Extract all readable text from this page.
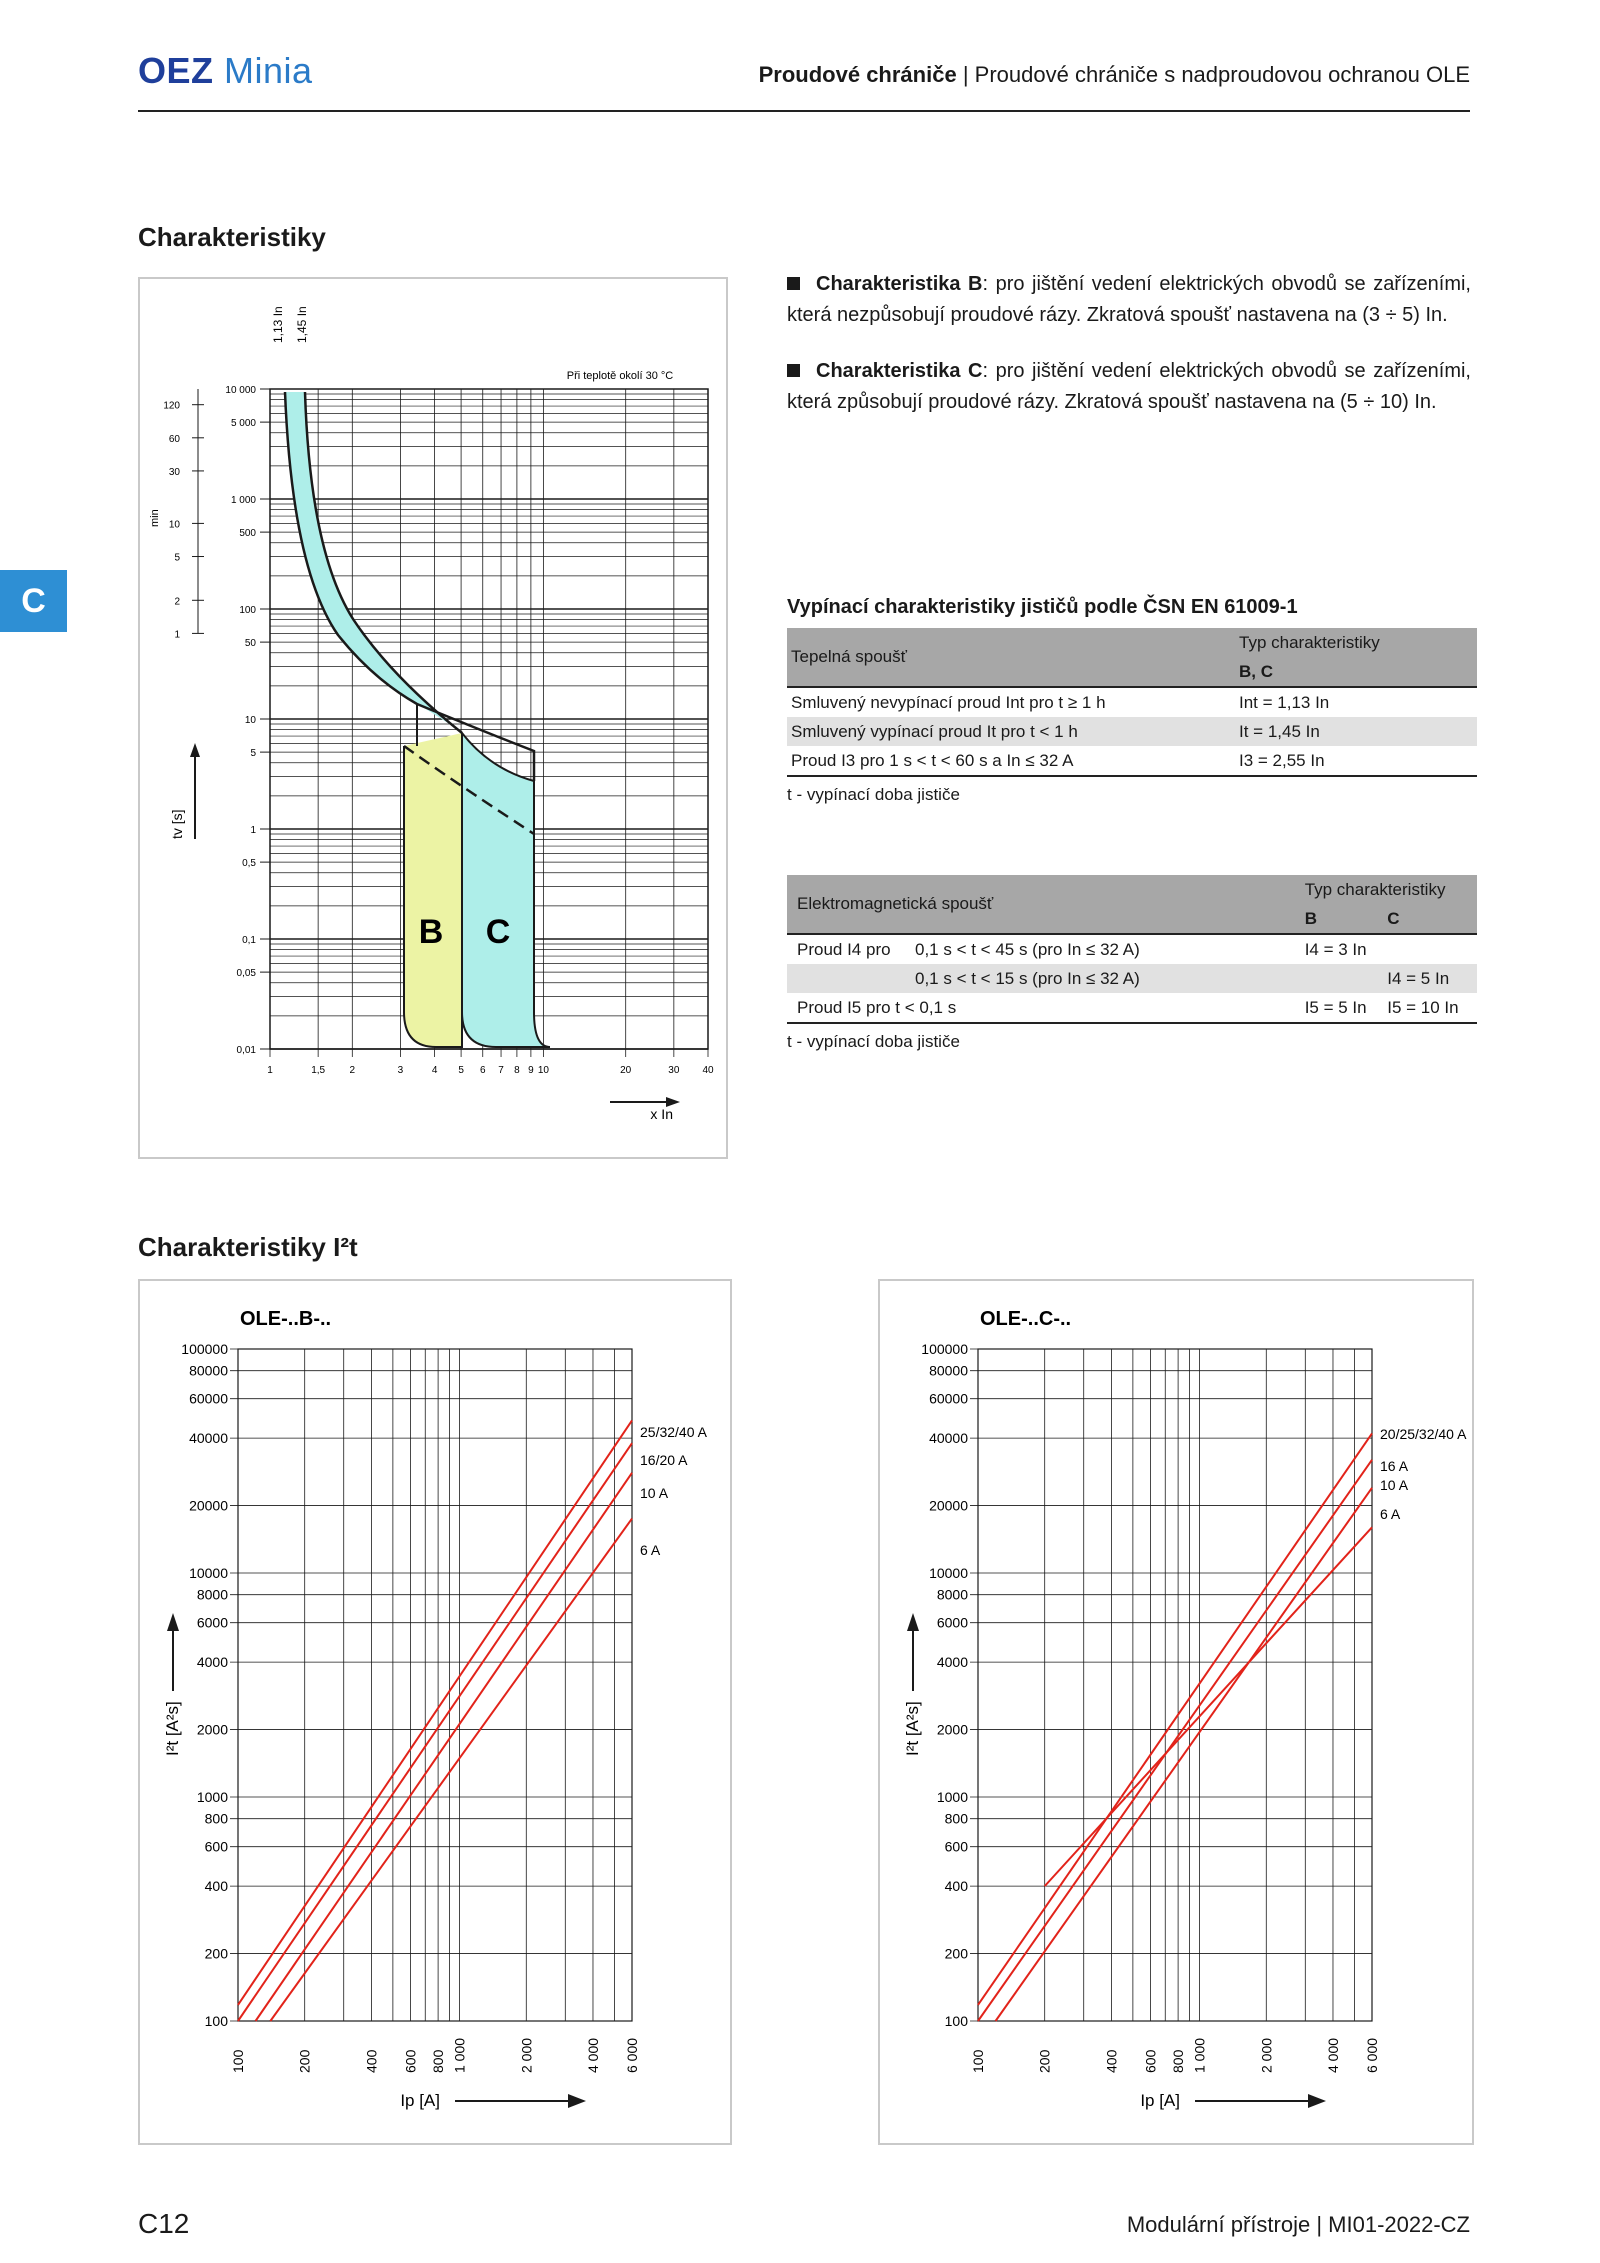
OEZ Minia	Proudové chrániče | Proudové chrániče s nadproudovou ochranou OLE
C
Charakteristiky
1	1,5 2	3	4 5 6 7 8 9 10	20	30 40
10 000
5 000
1 000
500
100
50
10
5
1
0,5
0,1
0,05
0,01
120
60
30
10
5
2
1
B C
Při teplotě okolí 30 °C
1,13 In 1,45 In
min
tv [s]
x In
Charakteristika B: pro jištění vedení elektrických obvodů se zařízeními, která nezpůsobují proudové rázy. Zkratová spoušť nastavena na (3 ÷ 5) In.
Charakteristika C: pro jištění vedení elektrických obvodů se zařízeními, která způsobují proudové rázy. Zkratová spoušť nastavena na (5 ÷ 10) In.
Vypínací charakteristiky jističů podle ČSN EN 61009-1
Tepelná spoušť	Typ charakteristiky
	B, C
Smluvený nevypínací proud Int pro t ≥ 1 h	Int = 1,13 In
Smluvený vypínací proud It pro t < 1 h	It = 1,45 In
Proud I3 pro 1 s < t < 60 s a In ≤ 32 A	I3 = 2,55 In
t - vypínací doba jističe
Elektromagnetická spoušť		Typ charakteristiky	
		B	C
Proud I4 pro	0,1 s < t < 45 s (pro In ≤ 32 A)	I4 = 3 In	
	0,1 s < t < 15 s (pro In ≤ 32 A)		I4 = 5 In
Proud I5 pro t < 0,1 s		I5 = 5 In	I5 = 10 In
t - vypínací doba jističe
Charakteristiky I²t
OLE-..B-..
100000
80000
60000
40000
20000
10000
8000
6000
4000
2000
1000
800
600
400
200
100
100	200	400 600 800 1 000	2 000	4 000 6 000
I²t [A²s]
Ip [A]
25/32/40 A
16/20 A
10 A
6 A
OLE-..C-..
100000
80000
60000
40000
20000
10000
8000
6000
4000
2000
1000
800
600
400
200
100
100	200	400 600 800 1 000	2 000	4 000 6 000
I²t [A²s]
Ip [A]
20/25/32/40 A
16 A
10 A
6 A
C12	Modulární přístroje | MI01-2022-CZ
